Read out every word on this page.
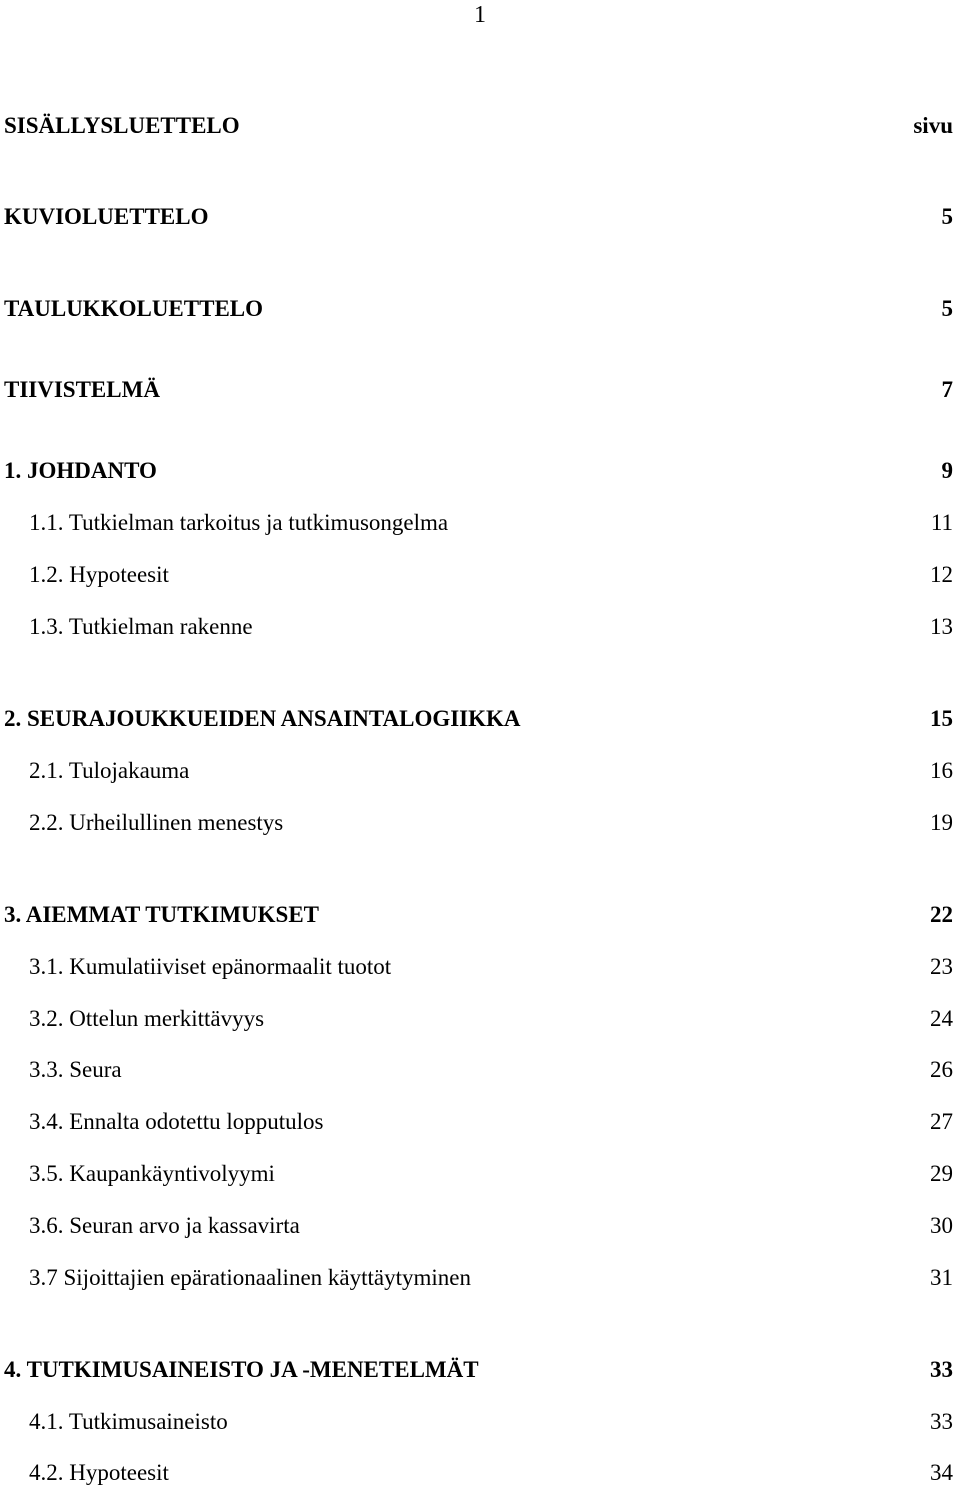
1
SISÄLLYSLUETTELO	sivu
KUVIOLUETTELO	5
TAULUKKOLUETTELO	5
TIIVISTELMÄ	7
1. JOHDANTO	9
1.1. Tutkielman tarkoitus ja tutkimusongelma	11
1.2. Hypoteesit	12
1.3. Tutkielman rakenne	13
2. SEURAJOUKKUEIDEN ANSAINTALOGIIKKA	15
2.1. Tulojakauma	16
2.2. Urheilullinen menestys	19
3. AIEMMAT TUTKIMUKSET	22
3.1. Kumulatiiviset epänormaalit tuotot	23
3.2. Ottelun merkittävyys	24
3.3. Seura	26
3.4. Ennalta odotettu lopputulos	27
3.5. Kaupankäyntivolyymi	29
3.6. Seuran arvo ja kassavirta	30
3.7 Sijoittajien epärationaalinen käyttäytyminen	31
4. TUTKIMUSAINEISTO JA -MENETELMÄT	33
4.1. Tutkimusaineisto	33
4.2. Hypoteesit	34
